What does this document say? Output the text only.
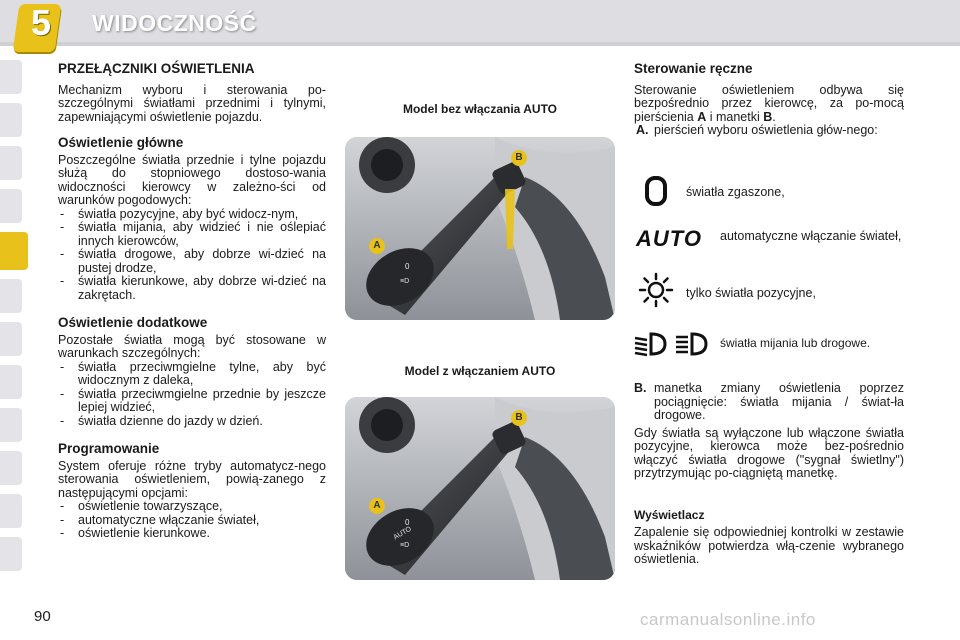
5	WIDOCZNOŚĆ
PRZEŁĄCZNIKI OŚWIETLENIA

Mechanizm wyboru i sterowania po-szczególnymi światłami przednimi i tylnymi, zapewniającymi oświetlenie pojazdu.

Oświetlenie główne

Poszczególne światła przednie i tylne pojazdu służą do stopniowego dostoso-wania widoczności kierowcy w zależno-ści od warunków pogodowych:

- światła pozycyjne, aby być widocz-nym,
- światła mijania, aby widzieć i nie oślepiać innych kierowców,
- światła drogowe, aby dobrze wi-dzieć na pustej drodze,
- światła kierunkowe, aby dobrze wi-dzieć na zakrętach.
Oświetlenie dodatkowe

Pozostałe światła mogą być stosowane w warunkach szczególnych:

- światła przeciwmgielne tylne, aby być widocznym z daleka,
- światła przeciwmgielne przednie by jeszcze lepiej widzieć,
- światła dzienne do jazdy w dzień.
Programowanie

System oferuje różne tryby automatycz-nego sterowania oświetleniem, powią-zanego z następującymi opcjami:

- oświetlenie towarzyszące,
- automatyczne włączanie świateł,
- oświetlenie kierunkowe.
Model bez włączania AUTO
0
≡D
B
A
Model z włączaniem AUTO
0
≡D
AUTO
B
A
Sterowanie ręczne

Sterowanie oświetleniem odbywa się bezpośrednio przez kierowcę, za po-mocą pierścienia A i manetki B.

A. pierścień wyboru oświetlenia głów-nego:
światła zgaszone,
AUTO automatyczne włączanie świateł,
tylko światła pozycyjne,
światła mijania lub drogowe.
B. manetka zmiany oświetlenia poprzez pociągnięcie: światła mijania / świat-ła drogowe.

Gdy światła są wyłączone lub włączone światła pozycyjne, kierowca może bez-pośrednio włączyć światła drogowe ("sygnał świetlny") przytrzymując po-ciągniętą manetkę.

Wyświetlacz

Zapalenie się odpowiedniej kontrolki w zestawie wskaźników potwierdza włą-czenie wybranego oświetlenia.

90	carmanualsonline.info
